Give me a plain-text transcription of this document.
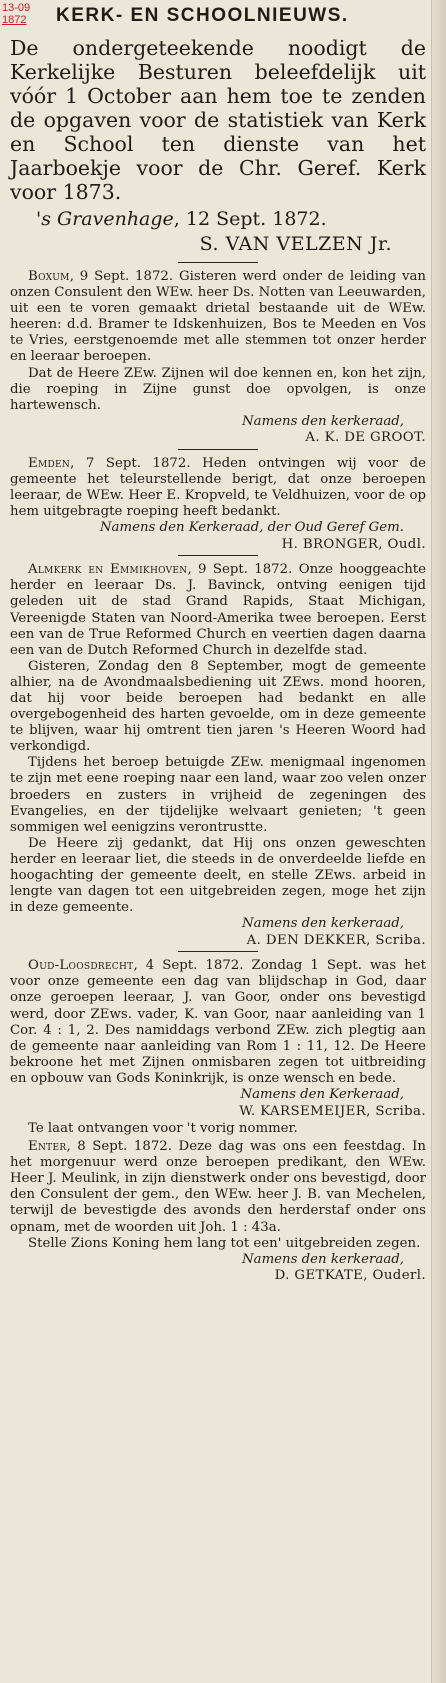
13-09
1872	KERK- EN SCHOOLNIEUWS.

De ondergeteekende noodigt de Kerkelijke Besturen beleefdelijk uit vóór 1 October aan hem toe te zenden de opgaven voor de statistiek van Kerk en School ten dienste van het Jaarboekje voor de Chr. Geref. Kerk voor 1873.

's Gravenhage, 12 Sept. 1872.

S. VAN VELZEN Jr.

Boxum, 9 Sept. 1872. Gisteren werd onder de leiding van onzen Consulent den WEw. heer Ds. Notten van Leeuwarden, uit een te voren gemaakt drietal bestaande uit de WEw. heeren: d.d. Bramer te Idskenhuizen, Bos te Meeden en Vos te Vries, eerstgenoemde met alle stemmen tot onzer herder en leeraar beroepen.

Dat de Heere ZEw. Zijnen wil doe kennen en, kon het zijn, die roeping in Zijne gunst doe opvolgen, is onze hartewensch.

Namens den kerkeraad,

A. K. DE GROOT.

Emden, 7 Sept. 1872. Heden ontvingen wij voor de gemeente het teleurstellende berigt, dat onze beroepen leeraar, de WEw. Heer E. Kropveld, te Veldhuizen, voor de op hem uitgebragte roeping heeft bedankt.

Namens den Kerkeraad, der Oud Geref Gem.

H. BRONGER, Oudl.

Almkerk en Emmikhoven, 9 Sept. 1872. Onze hooggeachte herder en leeraar Ds. J. Bavinck, ontving eenigen tijd geleden uit de stad Grand Rapids, Staat Michigan, Vereenigde Staten van Noord-Amerika twee beroepen. Eerst een van de True Reformed Church en veertien dagen daarna een van de Dutch Reformed Church in dezelfde stad.

Gisteren, Zondag den 8 September, mogt de gemeente alhier, na de Avondmaalsbediening uit ZEws. mond hooren, dat hij voor beide beroepen had bedankt en alle overgebogenheid des harten gevoelde, om in deze gemeente te blijven, waar hij omtrent tien jaren 's Heeren Woord had verkondigd.

Tijdens het beroep betuigde ZEw. menigmaal ingenomen te zijn met eene roeping naar een land, waar zoo velen onzer broeders en zusters in vrijheid de zegeningen des Evangelies, en der tijdelijke welvaart genieten; 't geen sommigen wel eenigzins verontrustte.

De Heere zij gedankt, dat Hij ons onzen geweschten herder en leeraar liet, die steeds in de onverdeelde liefde en hoogachting der gemeente deelt, en stelle ZEws. arbeid in lengte van dagen tot een uitgebreiden zegen, moge het zijn in deze gemeente.

Namens den kerkeraad,

A. DEN DEKKER, Scriba.

Oud-Loosdrecht, 4 Sept. 1872. Zondag 1 Sept. was het voor onze gemeente een dag van blijdschap in God, daar onze geroepen leeraar, J. van Goor, onder ons bevestigd werd, door ZEws. vader, K. van Goor, naar aanleiding van 1 Cor. 4 : 1, 2. Des namiddags verbond ZEw. zich plegtig aan de gemeente naar aanleiding van Rom 1 : 11, 12. De Heere bekroone het met Zijnen onmisbaren zegen tot uitbreiding en opbouw van Gods Koninkrijk, is onze wensch en bede.

Namens den Kerkeraad,

W. KARSEMEIJER, Scriba.

Te laat ontvangen voor 't vorig nommer.

Enter, 8 Sept. 1872. Deze dag was ons een feestdag. In het morgenuur werd onze beroepen predikant, den WEw. Heer J. Meulink, in zijn dienstwerk onder ons bevestigd, door den Consulent der gem., den WEw. heer J. B. van Mechelen, terwijl de bevestigde des avonds den herderstaf onder ons opnam, met de woorden uit Joh. 1 : 43a.

Stelle Zions Koning hem lang tot een' uitgebreiden zegen.

Namens den kerkeraad,

D. GETKATE, Ouderl.
